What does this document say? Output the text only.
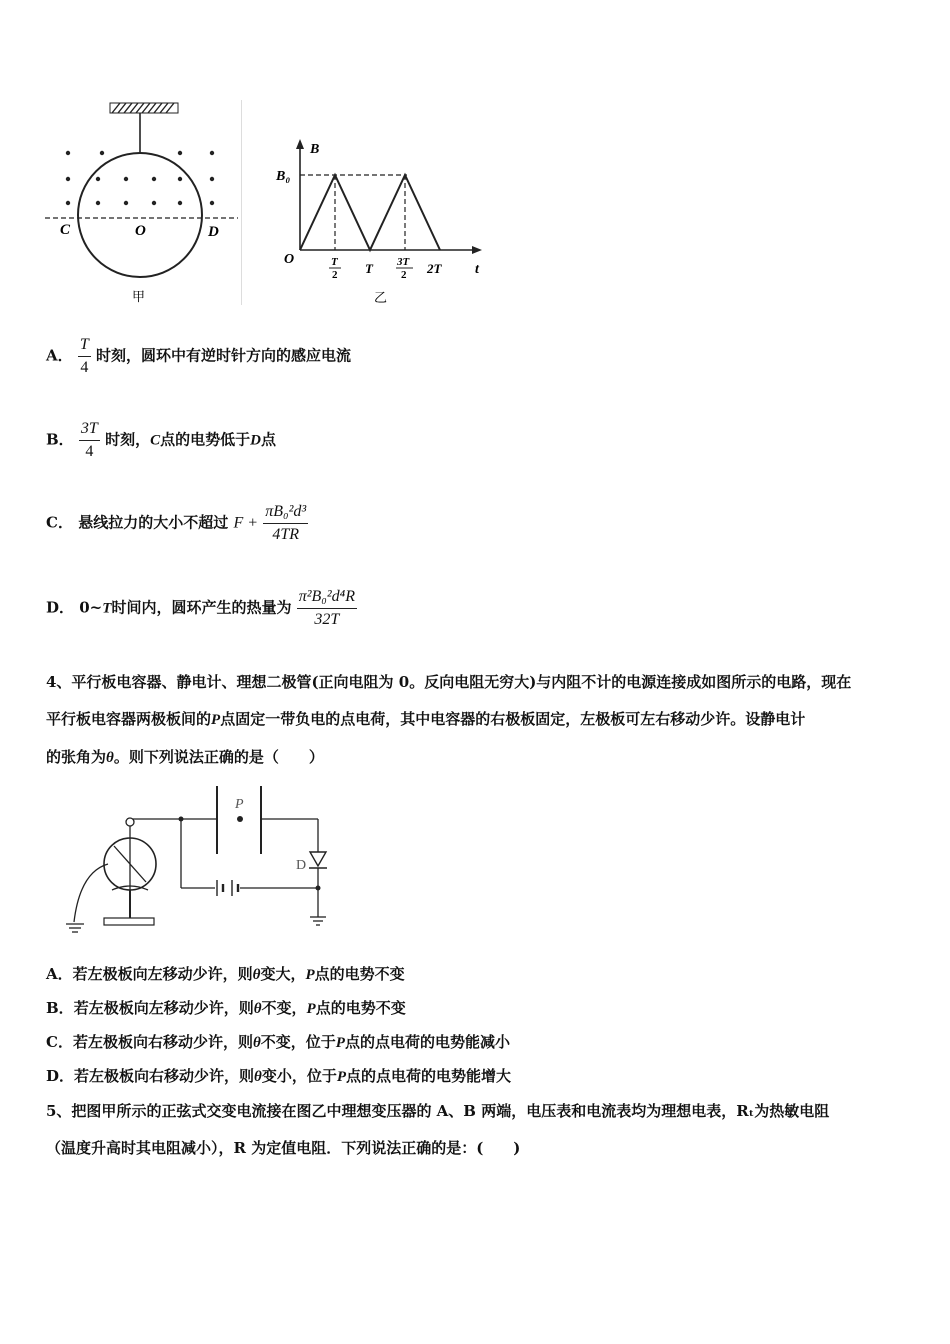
C	O	D
甲
B
B₀
O	T
2 T 3T
2 2T t
乙
A． $\frac{T}{4}$ 时刻，圆环中有逆时针方向的感应电流
B． $\frac{3T}{4}$ 时刻，C点的电势低于D点
C． 悬线拉力的大小不超过 $F + \frac{\text{πB₀²d³}}{4TR}$
D． 0~T时间内，圆环产生的热量为 $\frac{\text{π²B₀²d⁴R}}{32T}$
4、平行板电容器、静电计、理想二极管(正向电阻为 0。反向电阻无穷大)与内阻不计的电源连接成如图所示的电路，现在
平行板电容器两极板间的P点固定一带负电的点电荷，其中电容器的右极板固定，左极板可左右移动少许。设静电计
的张角为θ。则下列说法正确的是（　　）
P
D
A．若左极板向左移动少许，则θ变大，P点的电势不变
B．若左极板向左移动少许，则θ不变，P点的电势不变
C．若左极板向右移动少许，则θ不变，位于P点的点电荷的电势能减小
D．若左极板向右移动少许，则θ变小，位于P点的点电荷的电势能增大
5、把图甲所示的正弦式交变电流接在图乙中理想变压器的 A、B 两端，电压表和电流表均为理想电表，Rₜ为热敏电阻
（温度升高时其电阻减小），R 为定值电阻．下列说法正确的是：(　　)
